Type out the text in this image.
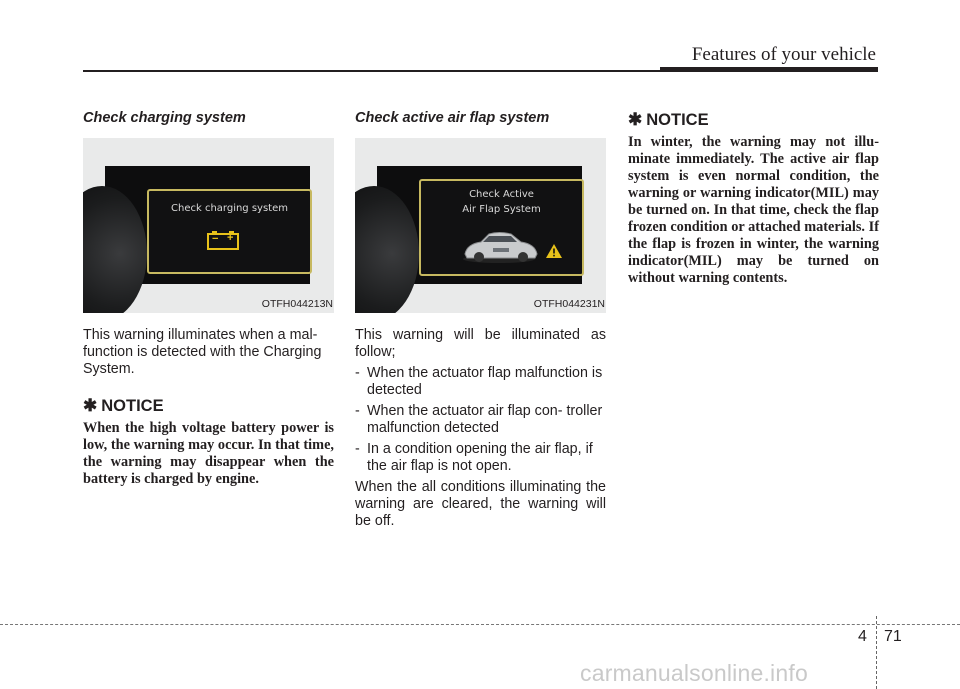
Features of your vehicle
Check charging system
Check charging system
− +
OTFH044213N

This warning illuminates when a mal-

function is detected with the Charging

System.

✱ NOTICE

When the high voltage battery power is low, the warning may occur. In that time, the warning may disappear when the battery is charged by engine.

Check active air flap system
Check Active
Air Flap System
OTFH044231N

This warning will be illuminated as follow;

- When the actuator flap malfunction is detected
- When the actuator air flap con- troller malfunction detected
- In a condition opening the air flap, if the air flap is not open.

When the all conditions illuminating the warning are cleared, the warning will be off.

✱ NOTICE

In winter, the warning may not illu- minate immediately. The active air flap system is even normal condition, the warning or warning indicator(MIL) may be turned on. In that time, check the flap frozen condition or attached materials. If the flap is frozen in winter, the warning indicator(MIL) may be turned on without warning contents.

4 71
carmanualsonline.info
